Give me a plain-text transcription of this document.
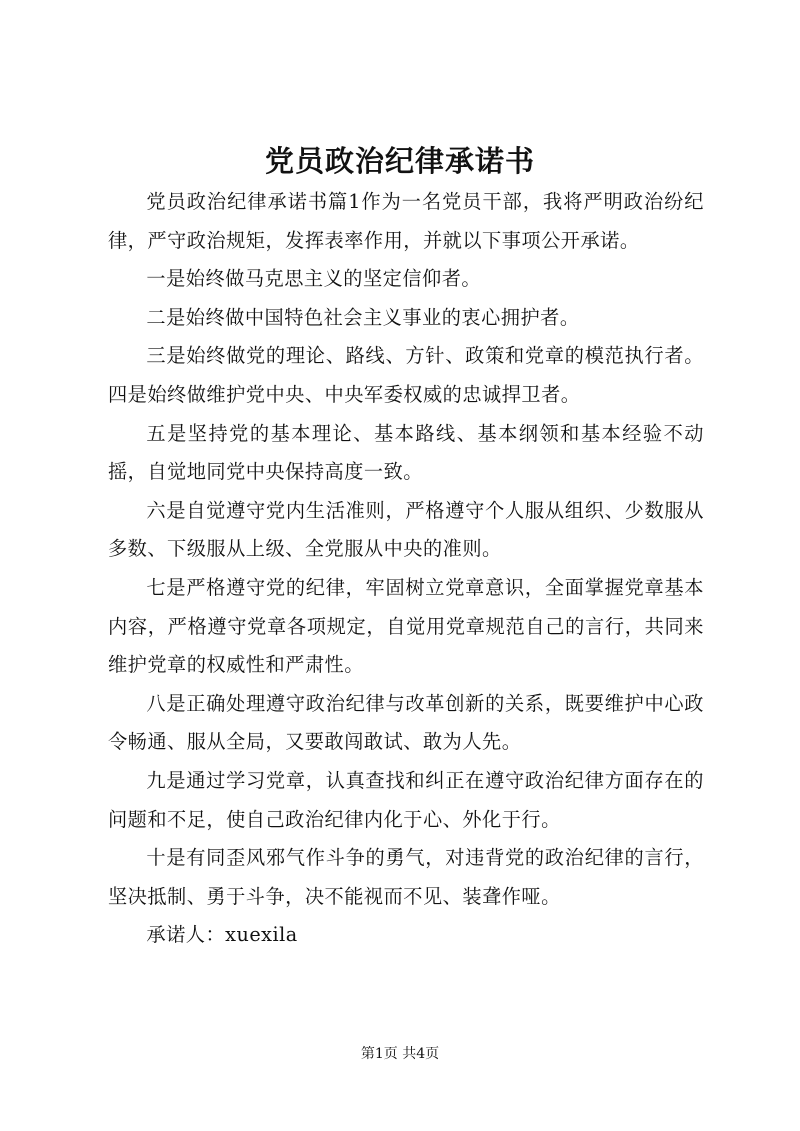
党员政治纪律承诺书

党员政治纪律承诺书篇1作为一名党员干部，我将严明政治纷纪律，严守政治规矩，发挥表率作用，并就以下事项公开承诺。

一是始终做马克思主义的坚定信仰者。

二是始终做中国特色社会主义事业的衷心拥护者。

三是始终做党的理论、路线、方针、政策和党章的模范执行者。四是始终做维护党中央、中央军委权威的忠诚捍卫者。

五是坚持党的基本理论、基本路线、基本纲领和基本经验不动摇，自觉地同党中央保持高度一致。

六是自觉遵守党内生活准则，严格遵守个人服从组织、少数服从多数、下级服从上级、全党服从中央的准则。

七是严格遵守党的纪律，牢固树立党章意识，全面掌握党章基本内容，严格遵守党章各项规定，自觉用党章规范自己的言行，共同来维护党章的权威性和严肃性。

八是正确处理遵守政治纪律与改革创新的关系，既要维护中心政令畅通、服从全局，又要敢闯敢试、敢为人先。

九是通过学习党章，认真查找和纠正在遵守政治纪律方面存在的问题和不足，使自己政治纪律内化于心、外化于行。

十是有同歪风邪气作斗争的勇气，对违背党的政治纪律的言行，坚决抵制、勇于斗争，决不能视而不见、装聋作哑。

承诺人：xuexila

第1页 共4页
